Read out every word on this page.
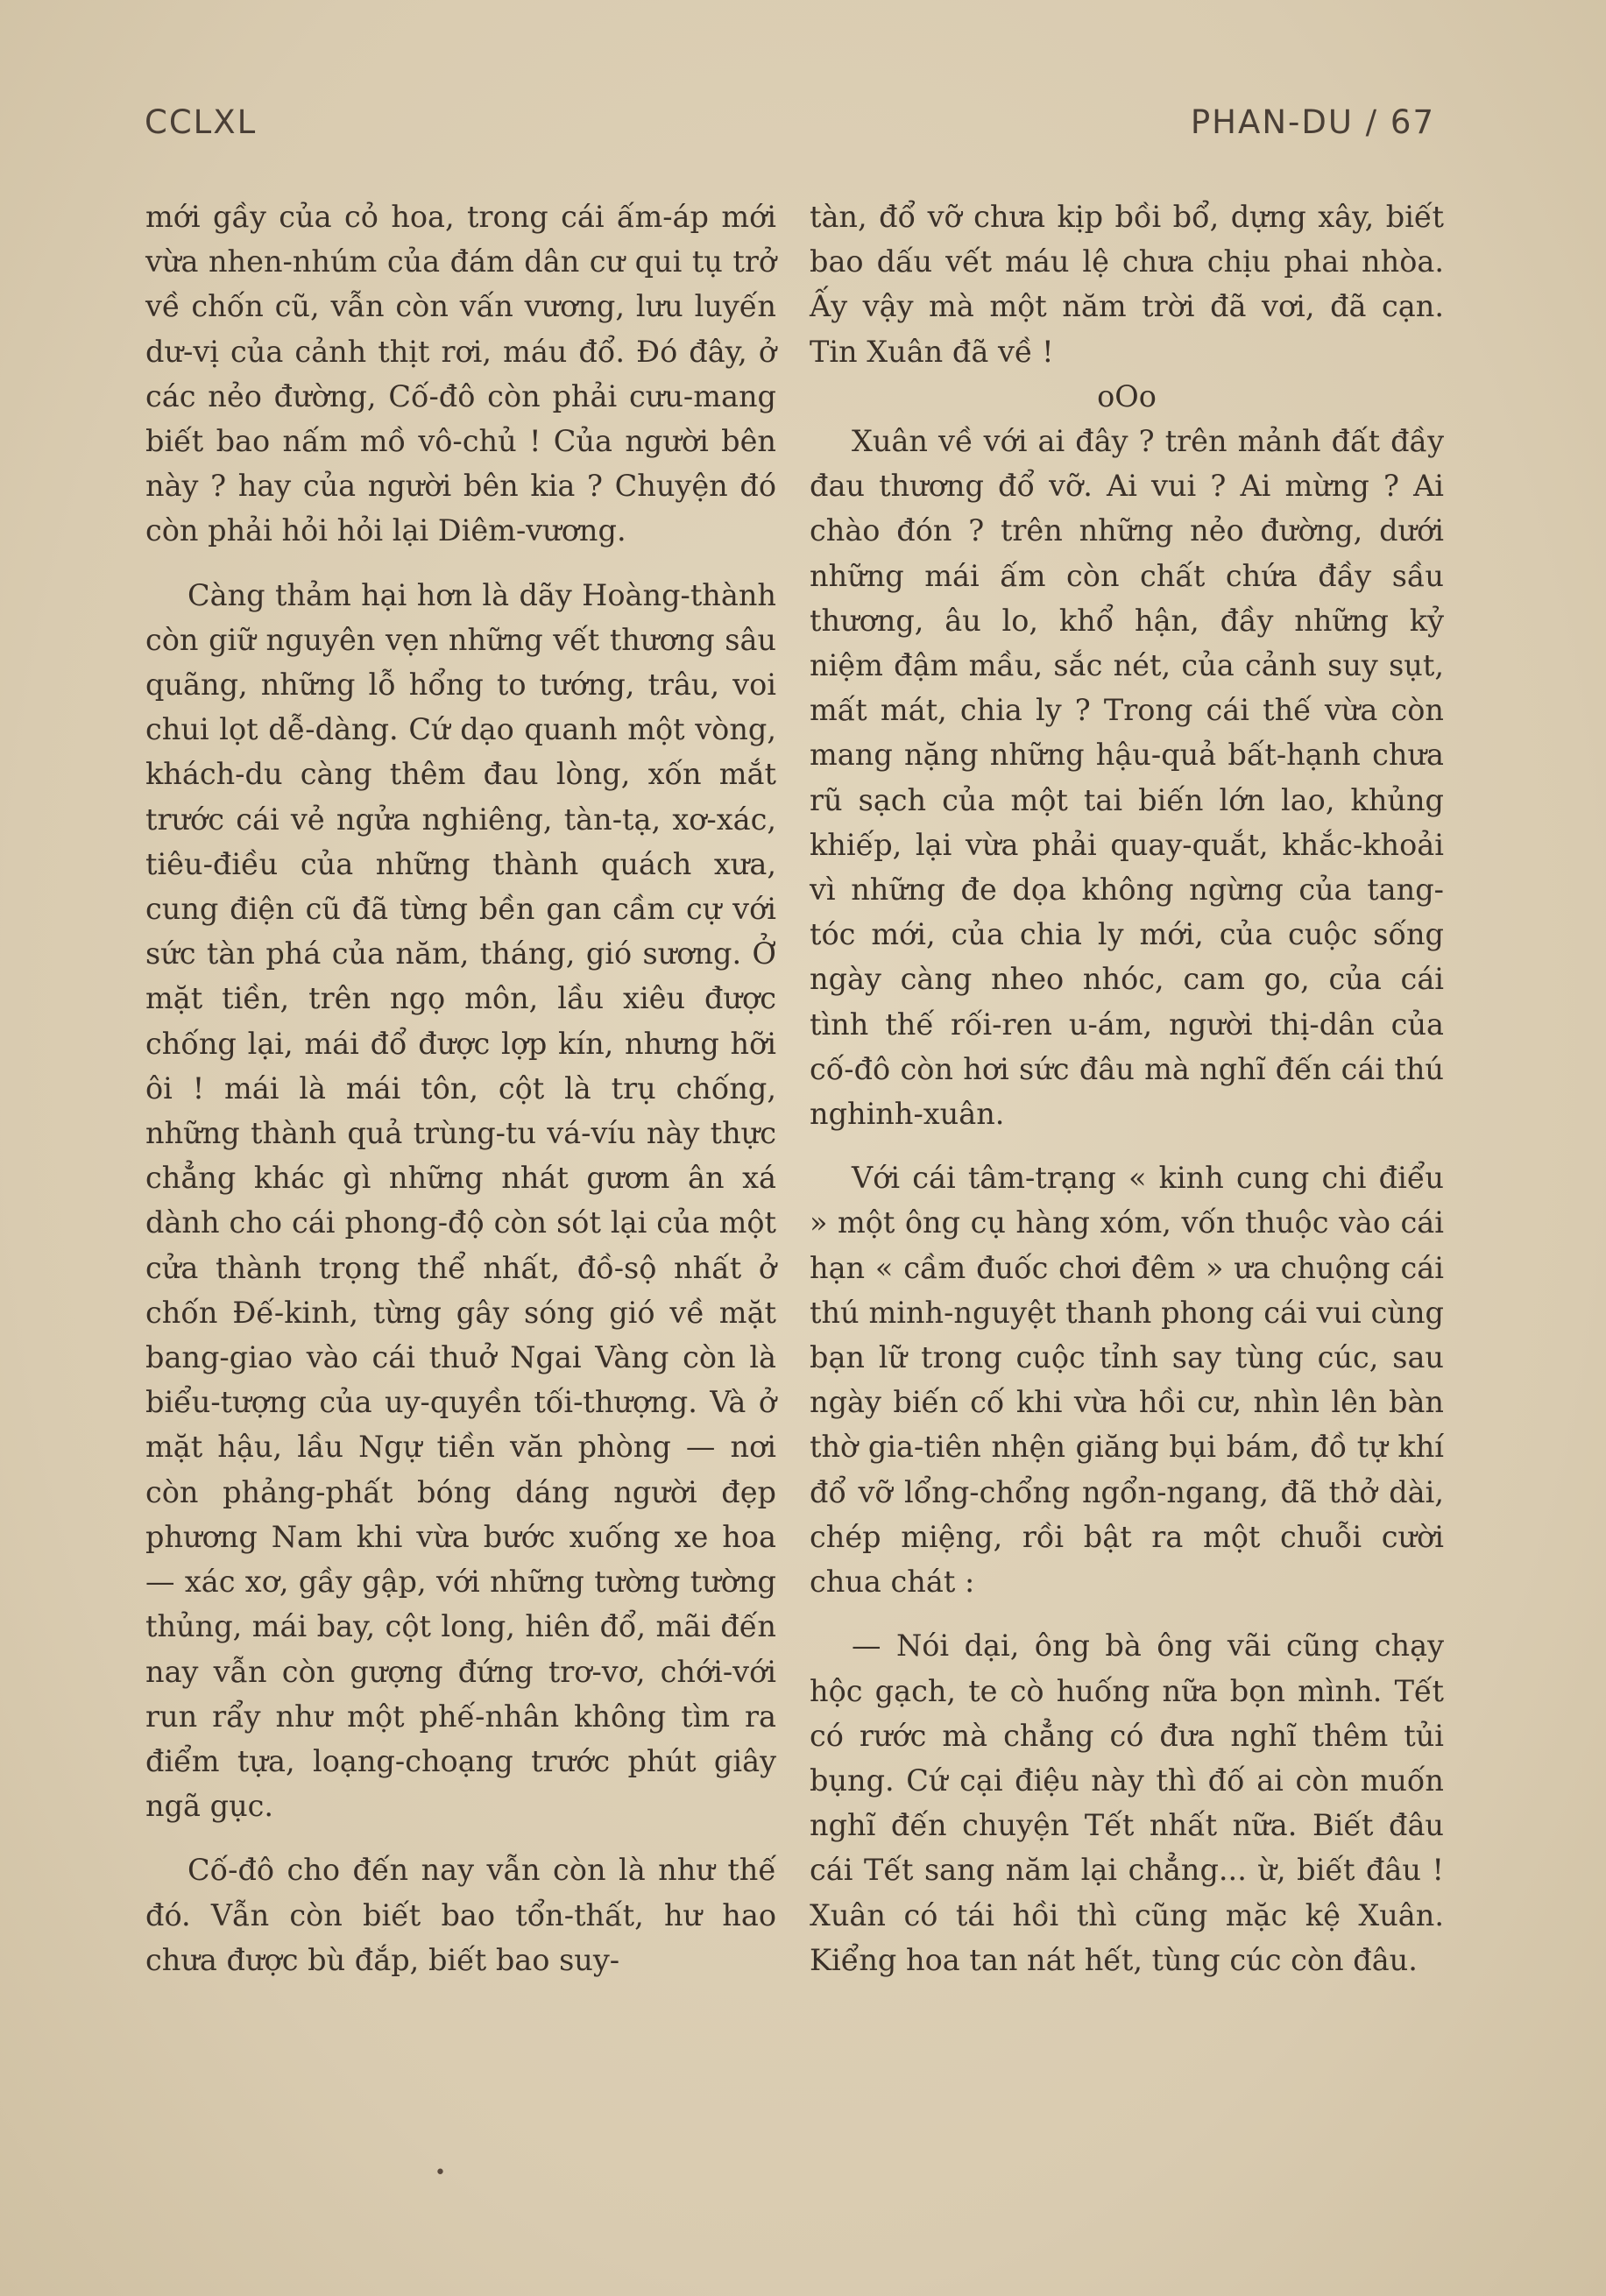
CCLXL	PHAN-DU / 67

mới gầy của cỏ hoa, trong cái ấm-áp mới vừa nhen-nhúm của đám dân cư qui tụ trở về chốn cũ, vẫn còn vấn vương, lưu luyến dư-vị của cảnh thịt rơi, máu đổ. Đó đây, ở các nẻo đường, Cố-đô còn phải cưu-mang biết bao nấm mồ vô-chủ ! Của người bên này ? hay của người bên kia ? Chuyện đó còn phải hỏi hỏi lại Diêm-vương.

Càng thảm hại hơn là dãy Hoàng-thành còn giữ nguyên vẹn những vết thương sâu quãng, những lỗ hổng to tướng, trâu, voi chui lọt dễ-dàng. Cứ dạo quanh một vòng, khách-du càng thêm đau lòng, xốn mắt trước cái vẻ ngửa nghiêng, tàn-tạ, xơ-xác, tiêu-điều của những thành quách xưa, cung điện cũ đã từng bền gan cầm cự với sức tàn phá của năm, tháng, gió sương. Ở mặt tiền, trên ngọ môn, lầu xiêu được chống lại, mái đổ được lợp kín, nhưng hỡi ôi ! mái là mái tôn, cột là trụ chống, những thành quả trùng-tu vá-víu này thực chẳng khác gì những nhát gươm ân xá dành cho cái phong-độ còn sót lại của một cửa thành trọng thể nhất, đồ-sộ nhất ở chốn Đế-kinh, từng gây sóng gió về mặt bang-giao vào cái thuở Ngai Vàng còn là biểu-tượng của uy-quyền tối-thượng. Và ở mặt hậu, lầu Ngự tiền văn phòng — nơi còn phảng-phất bóng dáng người đẹp phương Nam khi vừa bước xuống xe hoa — xác xơ, gầy gập, với những tường tường thủng, mái bay, cột long, hiên đổ, mãi đến nay vẫn còn gượng đứng trơ-vơ, chới-với run rẩy như một phế-nhân không tìm ra điểm tựa, loạng-choạng trước phút giây ngã gục.

Cố-đô cho đến nay vẫn còn là như thế đó. Vẫn còn biết bao tổn-thất, hư hao chưa được bù đắp, biết bao suy-

tàn, đổ vỡ chưa kịp bồi bổ, dựng xây, biết bao dấu vết máu lệ chưa chịu phai nhòa. Ấy vậy mà một năm trời đã vơi, đã cạn. Tin Xuân đã về !

oOo

Xuân về với ai đây ? trên mảnh đất đầy đau thương đổ vỡ. Ai vui ? Ai mừng ? Ai chào đón ? trên những nẻo đường, dưới những mái ấm còn chất chứa đầy sầu thương, âu lo, khổ hận, đầy những kỷ niệm đậm mầu, sắc nét, của cảnh suy sụt, mất mát, chia ly ? Trong cái thế vừa còn mang nặng những hậu-quả bất-hạnh chưa rũ sạch của một tai biến lớn lao, khủng khiếp, lại vừa phải quay-quắt, khắc-khoải vì những đe dọa không ngừng của tang-tóc mới, của chia ly mới, của cuộc sống ngày càng nheo nhóc, cam go, của cái tình thế rối-ren u-ám, người thị-dân của cố-đô còn hơi sức đâu mà nghĩ đến cái thú nghinh-xuân.

Với cái tâm-trạng « kinh cung chi điểu » một ông cụ hàng xóm, vốn thuộc vào cái hạn « cầm đuốc chơi đêm » ưa chuộng cái thú minh-nguyệt thanh phong cái vui cùng bạn lữ trong cuộc tỉnh say tùng cúc, sau ngày biến cố khi vừa hồi cư, nhìn lên bàn thờ gia-tiên nhện giăng bụi bám, đồ tự khí đổ vỡ lổng-chổng ngổn-ngang, đã thở dài, chép miệng, rồi bật ra một chuỗi cười chua chát :

— Nói dại, ông bà ông vãi cũng chạy hộc gạch, te cò huống nữa bọn mình. Tết có rước mà chẳng có đưa nghĩ thêm tủi bụng. Cứ cại điệu này thì đố ai còn muốn nghĩ đến chuyện Tết nhất nữa. Biết đâu cái Tết sang năm lại chẳng... ừ, biết đâu ! Xuân có tái hồi thì cũng mặc kệ Xuân. Kiểng hoa tan nát hết, tùng cúc còn đâu.

•
